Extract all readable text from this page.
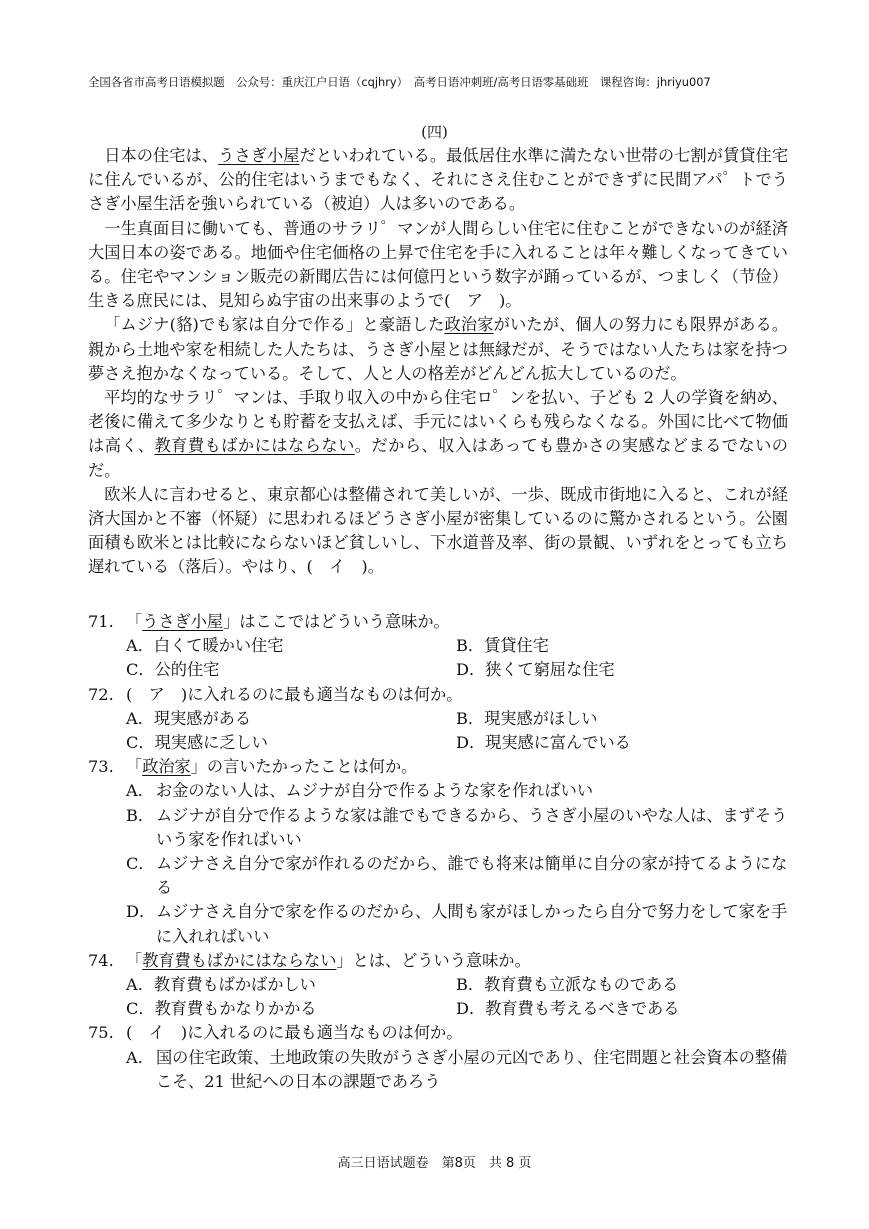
全国各省市高考日语模拟题　公众号：重庆江户日语（cqjhry）　高考日语冲刺班/高考日语零基础班　课程咨询：jhriyu007
(四)

日本の住宅は、うさぎ小屋だといわれている。最低居住水準に満たない世帯の七割が賃貸住宅に住んでいるが、公的住宅はいうまでもなく、それにさえ住むことができずに民間アパ゜トでうさぎ小屋生活を強いられている（被迫）人は多いのである。

一生真面目に働いても、普通のサラリ゜マンが人間らしい住宅に住むことができないのが経済大国日本の姿である。地価や住宅価格の上昇で住宅を手に入れることは年々難しくなってきている。住宅やマンション販売の新聞広告には何億円という数字が踊っているが、つましく（节俭）生きる庶民には、見知らぬ宇宙の出来事のようで(　ア　)。

「ムジナ(貉)でも家は自分で作る」と豪語した政治家がいたが、個人の努力にも限界がある。親から土地や家を相続した人たちは、うさぎ小屋とは無縁だが、そうではない人たちは家を持つ夢さえ抱かなくなっている。そして、人と人の格差がどんどん拡大しているのだ。

平均的なサラリ゜マンは、手取り収入の中から住宅ロ゜ンを払い、子ども 2 人の学資を納め、老後に備えて多少なりとも貯蓄を支払えば、手元にはいくらも残らなくなる。外国に比べて物価は高く、教育費もばかにはならない。だから、収入はあっても豊かさの実感などまるでないのだ。

欧米人に言わせると、東京都心は整備されて美しいが、一歩、既成市街地に入ると、これが経済大国かと不審（怀疑）に思われるほどうさぎ小屋が密集しているのに驚かされるという。公園面積も欧米とは比較にならないほど貧しいし、下水道普及率、街の景観、いずれをとっても立ち遅れている（落后）。やはり、(　イ　)。

71. 「うさぎ小屋」はここではどういう意味か。
A．白くて暖かい住宅	B．賃貸住宅
C．公的住宅	D．狭くて窮屈な住宅
72. (　ア　)に入れるのに最も適当なものは何か。
A．現実感がある	B．現実感がほしい
C．現実感に乏しい	D．現実感に富んでいる
73. 「政治家」の言いたかったことは何か。
A． お金のない人は、ムジナが自分で作るような家を作ればいい
B． ムジナが自分で作るような家は誰でもできるから、うさぎ小屋のいやな人は、まずそういう家を作ればいい
C． ムジナさえ自分で家が作れるのだから、誰でも将来は簡単に自分の家が持てるようになる
D． ムジナさえ自分で家を作るのだから、人間も家がほしかったら自分で努力をして家を手に入れればいい
74. 「教育費もばかにはならない」とは、どういう意味か。
A．教育費もばかばかしい	B．教育費も立派なものである
C．教育費もかなりかかる	D．教育費も考えるべきである
75. (　イ　)に入れるのに最も適当なものは何か。
A． 国の住宅政策、土地政策の失敗がうさぎ小屋の元凶であり、住宅問題と社会資本の整備こそ、21 世紀への日本の課題であろう
高三日语试题卷　第8页　共 8 页
